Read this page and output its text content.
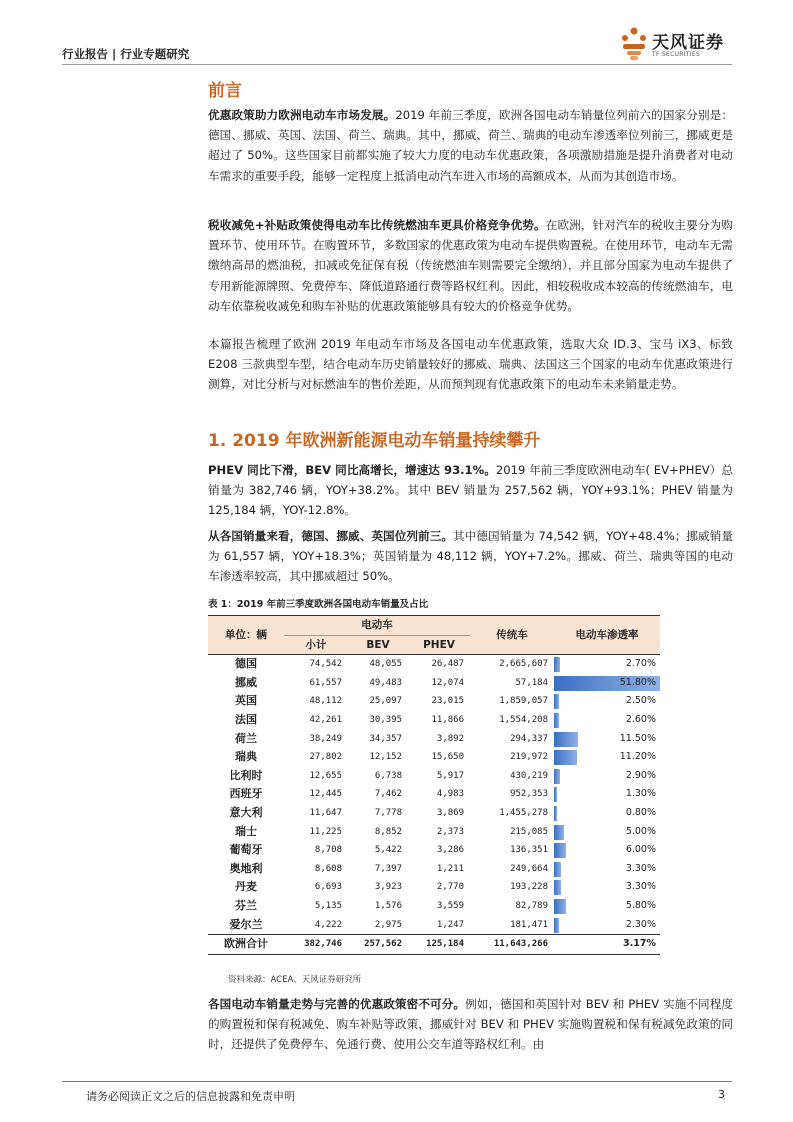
行业报告 | 行业专题研究
天风证券
TF SECURITIES
前言
优惠政策助力欧洲电动车市场发展。2019 年前三季度，欧洲各国电动车销量位列前六的国家分别是：德国、挪威、英国、法国、荷兰、瑞典。其中，挪威、荷兰、瑞典的电动车渗透率位列前三，挪威更是超过了 50%。这些国家目前都实施了较大力度的电动车优惠政策，各项激励措施是提升消费者对电动车需求的重要手段，能够一定程度上抵消电动汽车进入市场的高额成本，从而为其创造市场。
税收减免+补贴政策使得电动车比传统燃油车更具价格竞争优势。在欧洲，针对汽车的税收主要分为购置环节、使用环节。在购置环节，多数国家的优惠政策为电动车提供购置税。在使用环节，电动车无需缴纳高昂的燃油税，扣减或免征保有税（传统燃油车则需要完全缴纳），并且部分国家为电动车提供了专用新能源牌照、免费停车、降低道路通行费等路权红利。因此，相较税收成本较高的传统燃油车，电动车依靠税收减免和购车补贴的优惠政策能够具有较大的价格竞争优势。
本篇报告梳理了欧洲 2019 年电动车市场及各国电动车优惠政策，选取大众 ID.3、宝马 iX3、标致 E208 三款典型车型，结合电动车历史销量较好的挪威、瑞典、法国这三个国家的电动车优惠政策进行测算，对比分析与对标燃油车的售价差距，从而预判现有优惠政策下的电动车未来销量走势。
1. 2019 年欧洲新能源电动车销量持续攀升
PHEV 同比下滑，BEV 同比高增长，增速达 93.1%。2019 年前三季度欧洲电动车( EV+PHEV）总销量为 382,746 辆，YOY+38.2%。其中 BEV 销量为 257,562 辆，YOY+93.1%；PHEV 销量为 125,184 辆，YOY-12.8%。
从各国销量来看，德国、挪威、英国位列前三。其中德国销量为 74,542 辆，YOY+48.4%；挪威销量为 61,557 辆，YOY+18.3%；英国销量为 48,112 辆，YOY+7.2%。挪威、荷兰、瑞典等国的电动车渗透率较高，其中挪威超过 50%。
表 1：2019 年前三季度欧洲各国电动车销量及占比
单位：辆	电动车			传统车	电动车渗透率
	小计	BEV	PHEV		
德国	74,542	48,055	26,487	2,665,607	2.70%
挪威	61,557	49,483	12,074	57,184	51.80%
英国	48,112	25,097	23,015	1,859,057	2.50%
法国	42,261	30,395	11,866	1,554,208	2.60%
荷兰	38,249	34,357	3,892	294,337	11.50%
瑞典	27,802	12,152	15,650	219,972	11.20%
比利时	12,655	6,738	5,917	430,219	2.90%
西班牙	12,445	7,462	4,983	952,353	1.30%
意大利	11,647	7,778	3,869	1,455,278	0.80%
瑞士	11,225	8,852	2,373	215,085	5.00%
葡萄牙	8,708	5,422	3,286	136,351	6.00%
奥地利	8,608	7,397	1,211	249,664	3.30%
丹麦	6,693	3,923	2,770	193,228	3.30%
芬兰	5,135	1,576	3,559	82,789	5.80%
爱尔兰	4,222	2,975	1,247	181,471	2.30%
欧洲合计	382,746	257,562	125,184	11,643,266	3.17%
资料来源：ACEA、天风证券研究所
各国电动车销量走势与完善的优惠政策密不可分。例如，德国和英国针对 BEV 和 PHEV 实施不同程度的购置税和保有税减免、购车补贴等政策，挪威针对 BEV 和 PHEV 实施购置税和保有税减免政策的同时，还提供了免费停车、免通行费、使用公交车道等路权红利。由
请务必阅读正文之后的信息披露和免责申明	3
